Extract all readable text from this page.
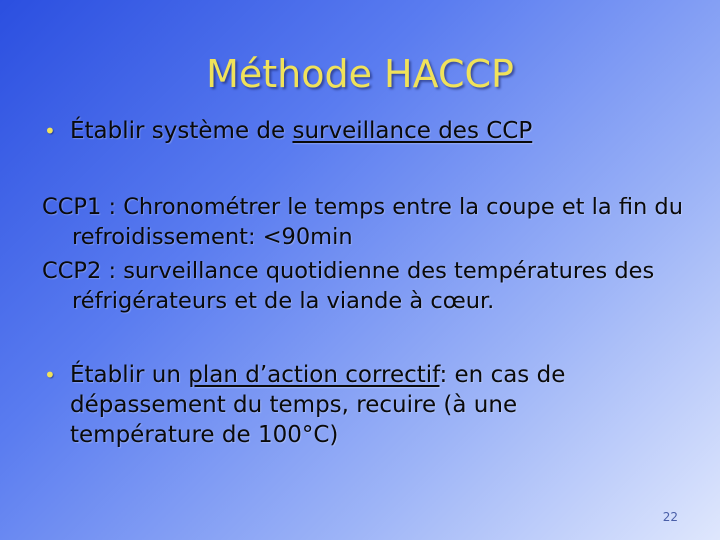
Méthode HACCP
• Établir système de surveillance des CCP
CCP1 : Chronométrer le temps entre la coupe et la fin du refroidissement: <90min
CCP2 : surveillance quotidienne des températures des réfrigérateurs et de la viande à cœur.
• Établir un plan d’action correctif: en cas de dépassement du temps, recuire (à une température de 100°C)
22
